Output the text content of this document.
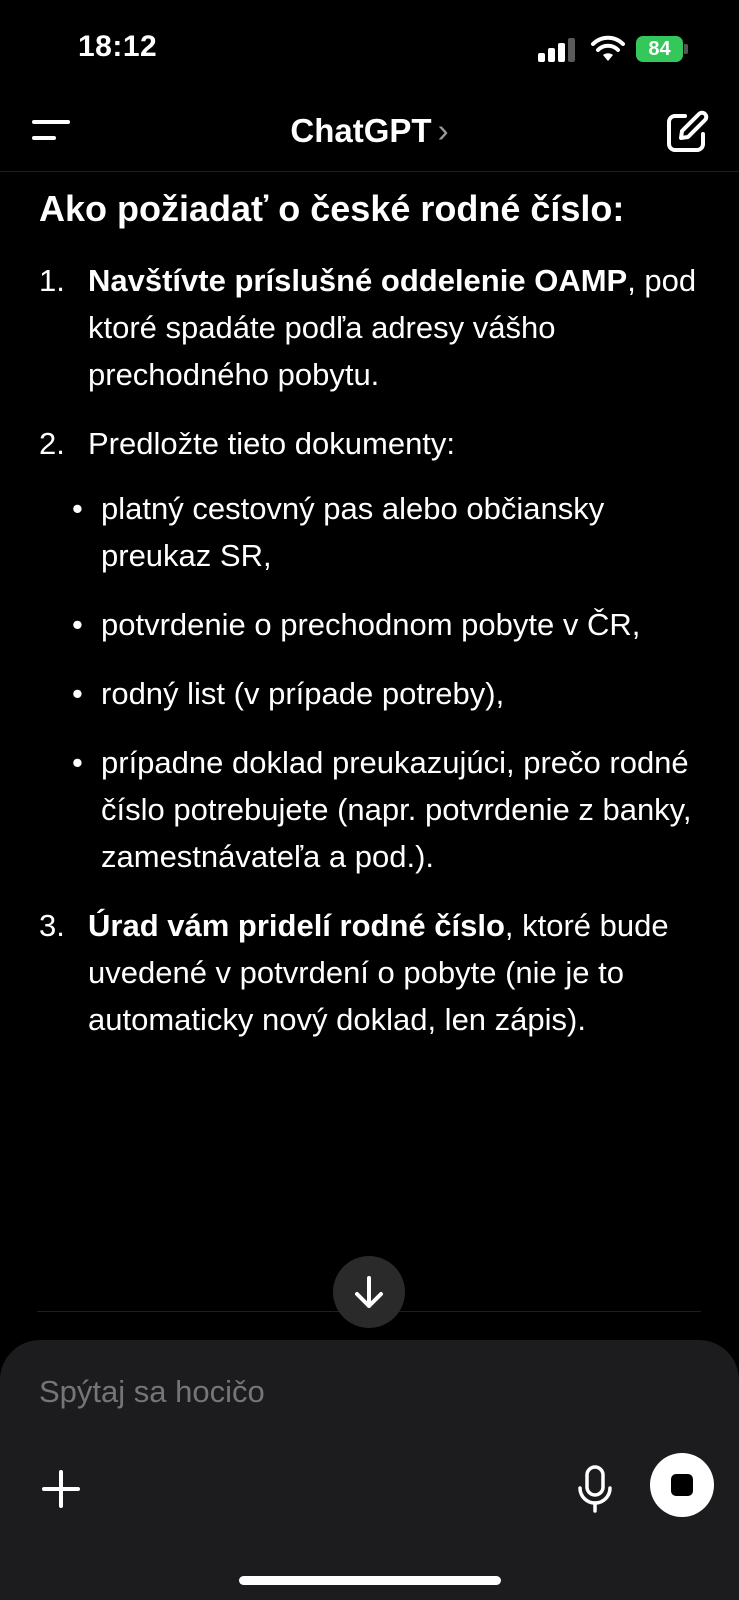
18:12	84
ChatGPT ›
Ako požiadať o české rodné číslo:
1. Navštívte príslušné oddelenie OAMP, pod ktoré spadáte podľa adresy vášho prechodného pobytu.
2. Predložte tieto dokumenty:
• platný cestovný pas alebo občiansky preukaz SR,
• potvrdenie o prechodnom pobyte v ČR,
• rodný list (v prípade potreby),
• prípadne doklad preukazujúci, prečo rodné číslo potrebujete (napr. potvrdenie z banky, zamestnávateľa a pod.).
3. Úrad vám pridelí rodné číslo, ktoré bude uvedené v potvrdení o pobyte (nie je to automaticky nový doklad, len zápis).
Spýtaj sa hocičo
